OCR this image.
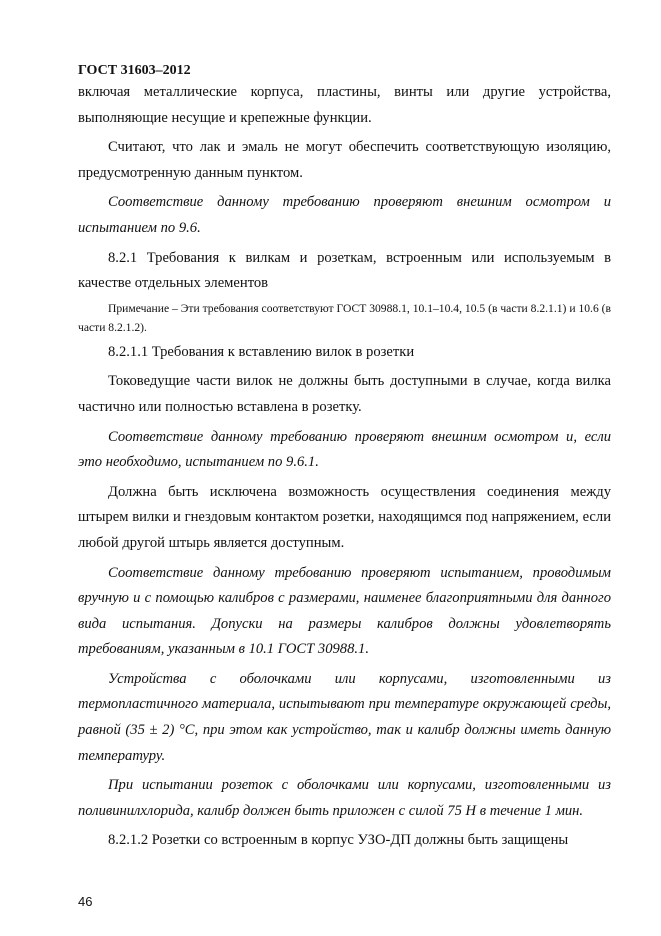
ГОСТ 31603–2012

включая металлические корпуса, пластины, винты или другие устройства, выполняющие несущие и крепежные функции.

Считают, что лак и эмаль не могут обеспечить соответствующую изоляцию, предусмотренную данным пунктом.

Соответствие данному требованию проверяют внешним осмотром и испытанием по 9.6.

8.2.1 Требования к вилкам и розеткам, встроенным или используемым в качестве отдельных элементов

Примечание – Эти требования соответствуют ГОСТ 30988.1, 10.1–10.4, 10.5 (в части 8.2.1.1) и 10.6 (в части 8.2.1.2).

8.2.1.1 Требования к вставлению вилок в розетки

Токоведущие части вилок не должны быть доступными в случае, когда вилка частично или полностью вставлена в розетку.

Соответствие данному требованию проверяют внешним осмотром и, если это необходимо, испытанием по 9.6.1.

Должна быть исключена возможность осуществления соединения между штырем вилки и гнездовым контактом розетки, находящимся под напряжением, если любой другой штырь является доступным.

Соответствие данному требованию проверяют испытанием, проводимым вручную и с помощью калибров с размерами, наименее благоприятными для данного вида испытания. Допуски на размеры калибров должны удовлетворять требованиям, указанным в 10.1 ГОСТ 30988.1.

Устройства с оболочками или корпусами, изготовленными из термопластичного материала, испытывают при температуре окружающей среды, равной (35 ± 2) °С, при этом как устройство, так и калибр должны иметь данную температуру.

При испытании розеток с оболочками или корпусами, изготовленными из поливинилхлорида, калибр должен быть приложен с силой 75 Н в течение 1 мин.

8.2.1.2 Розетки со встроенным в корпус УЗО-ДП должны быть защищены

46
